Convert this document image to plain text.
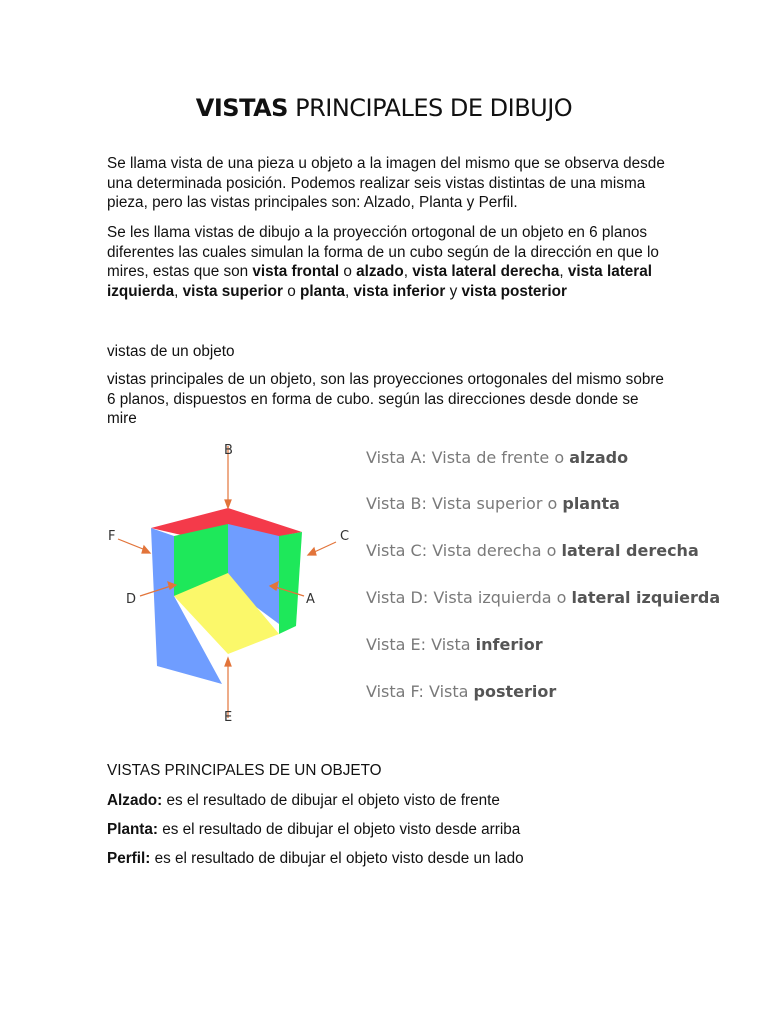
VISTAS PRINCIPALES DE DIBUJO

Se llama vista de una pieza u objeto a la imagen del mismo que se observa desde una determinada posición. Podemos realizar seis vistas distintas de una misma pieza, pero las vistas principales son: Alzado, Planta y Perfil.

Se les llama vistas de dibujo a la proyección ortogonal de un objeto en 6 planos diferentes las cuales simulan la forma de un cubo según de la dirección en que lo mires, estas que son vista frontal o alzado, vista lateral derecha, vista lateral izquierda, vista superior o planta, vista inferior y vista posterior

vistas de un objeto

vistas principales de un objeto, son las proyecciones ortogonales del mismo sobre 6 planos, dispuestos en forma de cubo. según las direcciones desde donde se mire

B
E
F	C
D	A
Vista A: Vista de frente o alzado
Vista B: Vista superior o planta
Vista C: Vista derecha o lateral derecha
Vista D: Vista izquierda o lateral izquierda
Vista E: Vista inferior
Vista F: Vista posterior
VISTAS PRINCIPALES DE UN OBJETO
Alzado: es el resultado de dibujar el objeto visto de frente
Planta: es el resultado de dibujar el objeto visto desde arriba
Perfil: es el resultado de dibujar el objeto visto desde un lado
